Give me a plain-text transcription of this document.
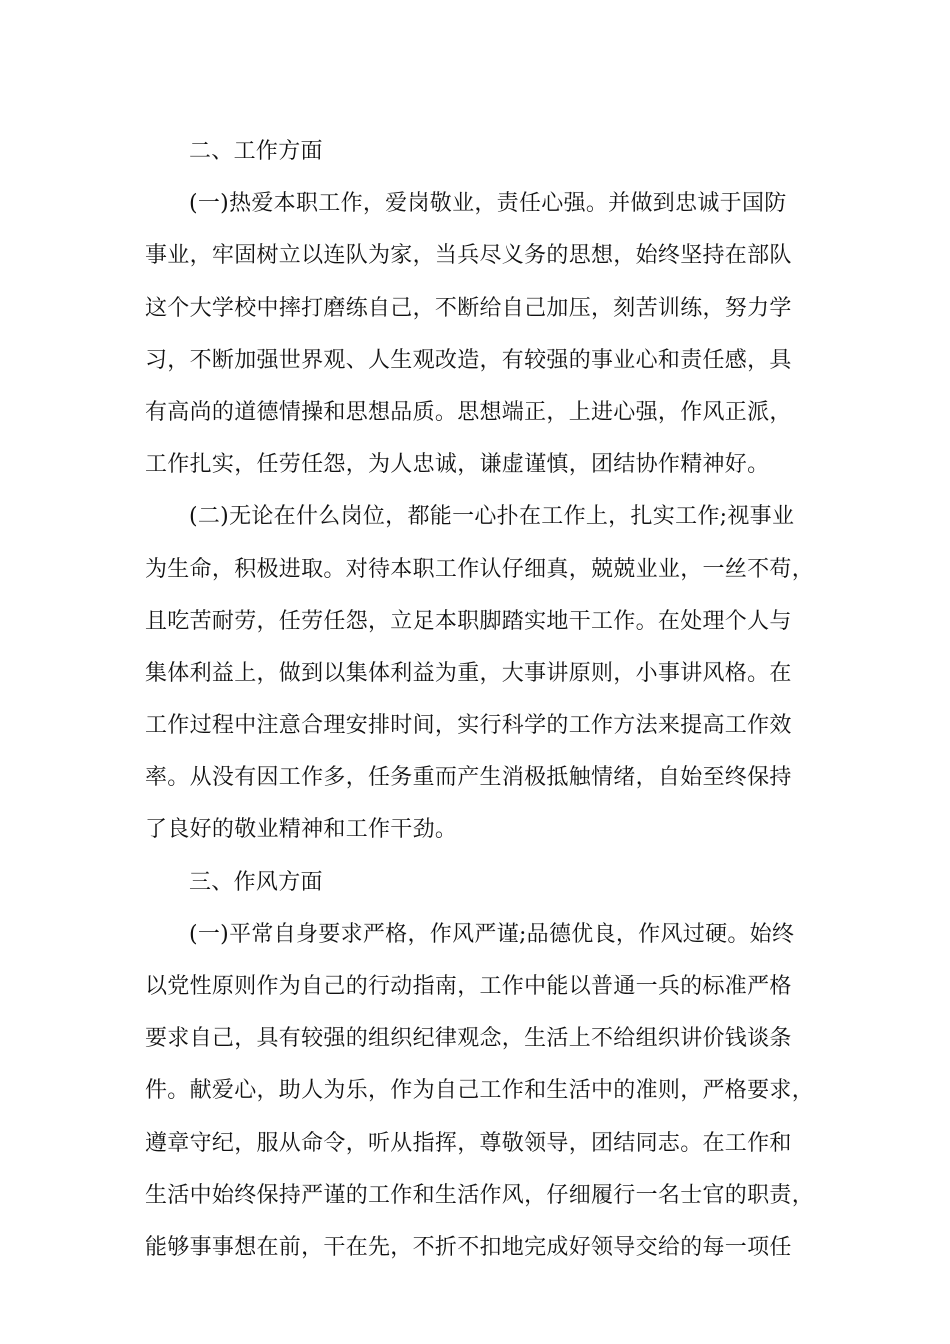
二、工作方面
(一)热爱本职工作，爱岗敬业，责任心强。并做到忠诚于国防
事业，牢固树立以连队为家，当兵尽义务的思想，始终坚持在部队
这个大学校中摔打磨练自己，不断给自己加压，刻苦训练，努力学
习，不断加强世界观、人生观改造，有较强的事业心和责任感，具
有高尚的道德情操和思想品质。思想端正，上进心强，作风正派，
工作扎实，任劳任怨，为人忠诚，谦虚谨慎，团结协作精神好。
(二)无论在什么岗位，都能一心扑在工作上，扎实工作;视事业
为生命，积极进取。对待本职工作认仔细真，兢兢业业，一丝不苟，
且吃苦耐劳，任劳任怨，立足本职脚踏实地干工作。在处理个人与
集体利益上，做到以集体利益为重，大事讲原则，小事讲风格。在
工作过程中注意合理安排时间，实行科学的工作方法来提高工作效
率。从没有因工作多，任务重而产生消极抵触情绪，自始至终保持
了良好的敬业精神和工作干劲。
三、作风方面
(一)平常自身要求严格，作风严谨;品德优良，作风过硬。始终
以党性原则作为自己的行动指南，工作中能以普通一兵的标准严格
要求自己，具有较强的组织纪律观念，生活上不给组织讲价钱谈条
件。献爱心，助人为乐，作为自己工作和生活中的准则，严格要求，
遵章守纪，服从命令，听从指挥，尊敬领导，团结同志。在工作和
生活中始终保持严谨的工作和生活作风，仔细履行一名士官的职责，
能够事事想在前，干在先，不折不扣地完成好领导交给的每一项任
